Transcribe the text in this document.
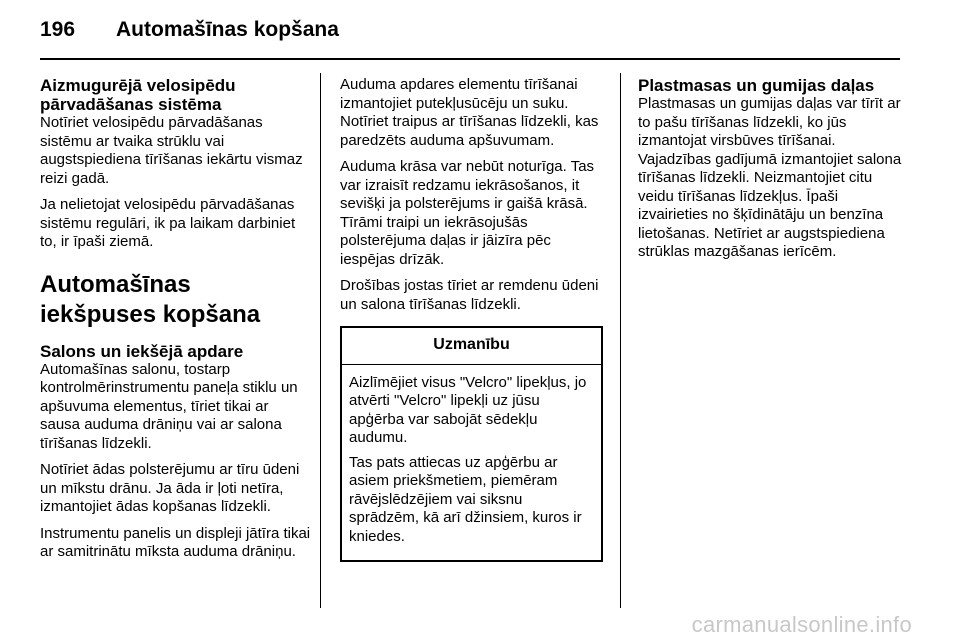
196 Automašīnas kopšana
Aizmugurējā velosipēdu pārvadāšanas sistēma

Notīriet velosipēdu pārvadāšanas sistēmu ar tvaika strūklu vai augstspiediena tīrīšanas iekārtu vismaz reizi gadā.

Ja nelietojat velosipēdu pārvadāšanas sistēmu regulāri, ik pa laikam darbiniet to, ir īpaši ziemā.

Automašīnas iekšpuses kopšana
Salons un iekšējā apdare

Automašīnas salonu, tostarp kontrolmērinstrumentu paneļa stiklu un apšuvuma elementus, tīriet tikai ar sausa auduma drāniņu vai ar salona tīrīšanas līdzekli.

Notīriet ādas polsterējumu ar tīru ūdeni un mīkstu drānu. Ja āda ir ļoti netīra, izmantojiet ādas kopšanas līdzekli.

Instrumentu panelis un displeji jātīra tikai ar samitrinātu mīksta auduma drāniņu.

Auduma apdares elementu tīrīšanai izmantojiet putekļusūcēju un suku. Notīriet traipus ar tīrīšanas līdzekli, kas paredzēts auduma apšuvumam.

Auduma krāsa var nebūt noturīga. Tas var izraisīt redzamu iekrāsošanos, it sevišķi ja polsterējums ir gaišā krāsā. Tīrāmi traipi un iekrāsojušās polsterējuma daļas ir jāizīra pēc iespējas drīzāk.

Drošības jostas tīriet ar remdenu ūdeni un salona tīrīšanas līdzekli.

Uzmanību

Aizlīmējiet visus "Velcro" lipekļus, jo atvērti "Velcro" lipekļi uz jūsu apģērba var sabojāt sēdekļu audumu.

Tas pats attiecas uz apģērbu ar asiem priekšmetiem, piemēram rāvējslēdzējiem vai siksnu sprādzēm, kā arī džinsiem, kuros ir kniedes.

Plastmasas un gumijas daļas

Plastmasas un gumijas daļas var tīrīt ar to pašu tīrīšanas līdzekli, ko jūs izmantojat virsbūves tīrīšanai. Vajadzības gadījumā izmantojiet salona tīrīšanas līdzekli. Neizmantojiet citu veidu tīrīšanas līdzekļus. Īpaši izvairieties no šķīdinātāju un benzīna lietošanas. Netīriet ar augstspiediena strūklas mazgāšanas ierīcēm.

carmanualsonline.info
